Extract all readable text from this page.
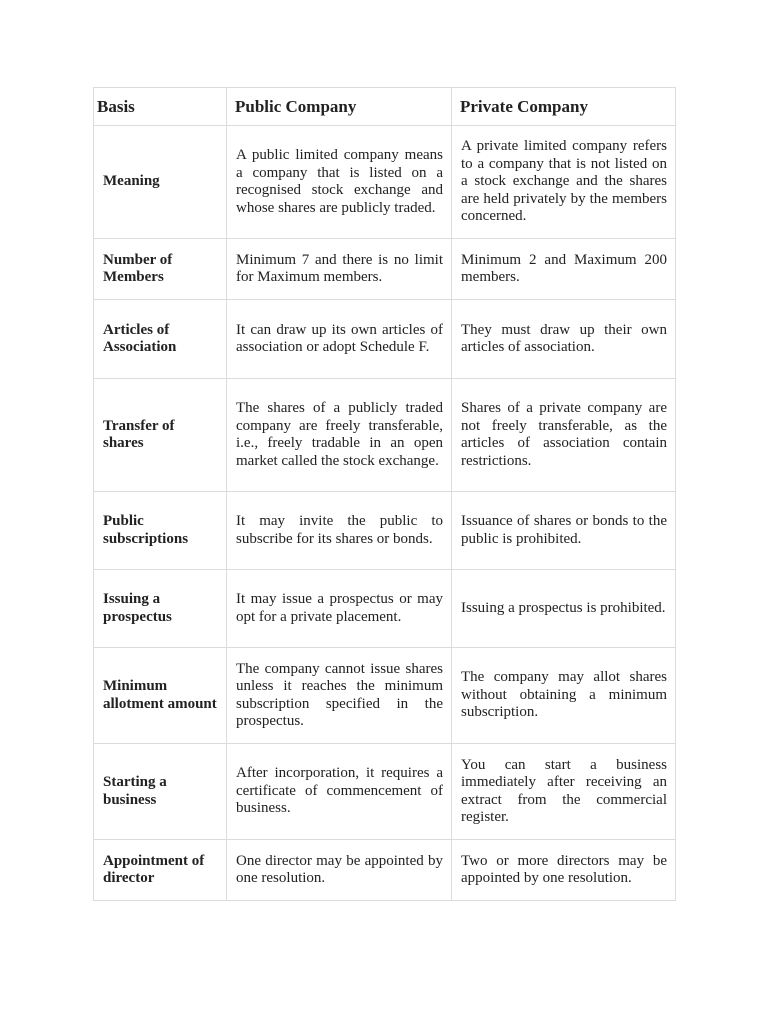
Basis	Public Company	Private Company
Meaning	A public limited company means a company that is listed on a recognised stock exchange and whose shares are publicly traded.	A private limited company refers to a company that is not listed on a stock exchange and the shares are held privately by the members concerned.
Number of Members	Minimum 7 and there is no limit for Maximum members.	Minimum 2 and Maximum 200 members.
Articles of Association	It can draw up its own articles of association or adopt Schedule F.	They must draw up their own articles of association.
Transfer of shares	The shares of a publicly traded company are freely transferable, i.e., freely tradable in an open market called the stock exchange.	Shares of a private company are not freely transferable, as the articles of association contain restrictions.
Public subscriptions	It may invite the public to subscribe for its shares or bonds.	Issuance of shares or bonds to the public is prohibited.
Issuing a prospectus	It may issue a prospectus or may opt for a private placement.	Issuing a prospectus is prohibited.
Minimum allotment amount	The company cannot issue shares unless it reaches the minimum subscription specified in the prospectus.	The company may allot shares without obtaining a minimum subscription.
Starting a business	After incorporation, it requires a certificate of commencement of business.	You can start a business immediately after receiving an extract from the commercial register.
Appointment of director	One director may be appointed by one resolution.	Two or more directors may be appointed by one resolution.
